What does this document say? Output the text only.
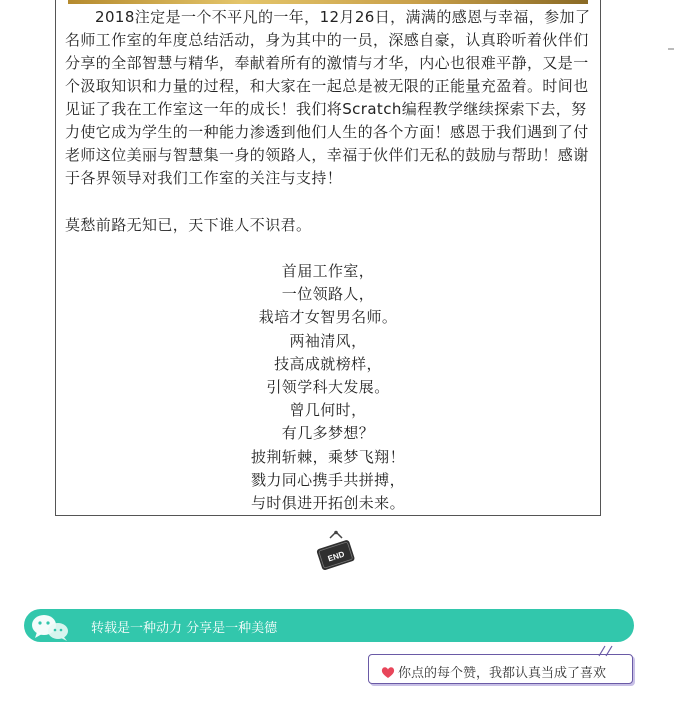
2018注定是一个不平凡的一年，12月26日，满满的感恩与幸福，参加了名师工作室的年度总结活动，身为其中的一员，深感自豪，认真聆听着伙伴们分享的全部智慧与精华，奉献着所有的激情与才华，内心也很难平静，又是一个汲取知识和力量的过程，和大家在一起总是被无限的正能量充盈着。时间也见证了我在工作室这一年的成长！我们将Scratch编程教学继续探索下去，努力使它成为学生的一种能力渗透到他们人生的各个方面！感恩于我们遇到了付老师这位美丽与智慧集一身的领路人，幸福于伙伴们无私的鼓励与帮助！感谢于各界领导对我们工作室的关注与支持！

莫愁前路无知已，天下谁人不识君。

首届工作室，
一位领路人，
栽培才女智男名师。
两袖清风，
技高成就榜样，
引领学科大发展。
曾几何时，
有几多梦想？
披荆斩棘，乘梦飞翔！
戮力同心携手共拼搏，
与时俱进开拓创未来。
END
转载是一种动力 分享是一种美德
你点的每个赞，我都认真当成了喜欢
